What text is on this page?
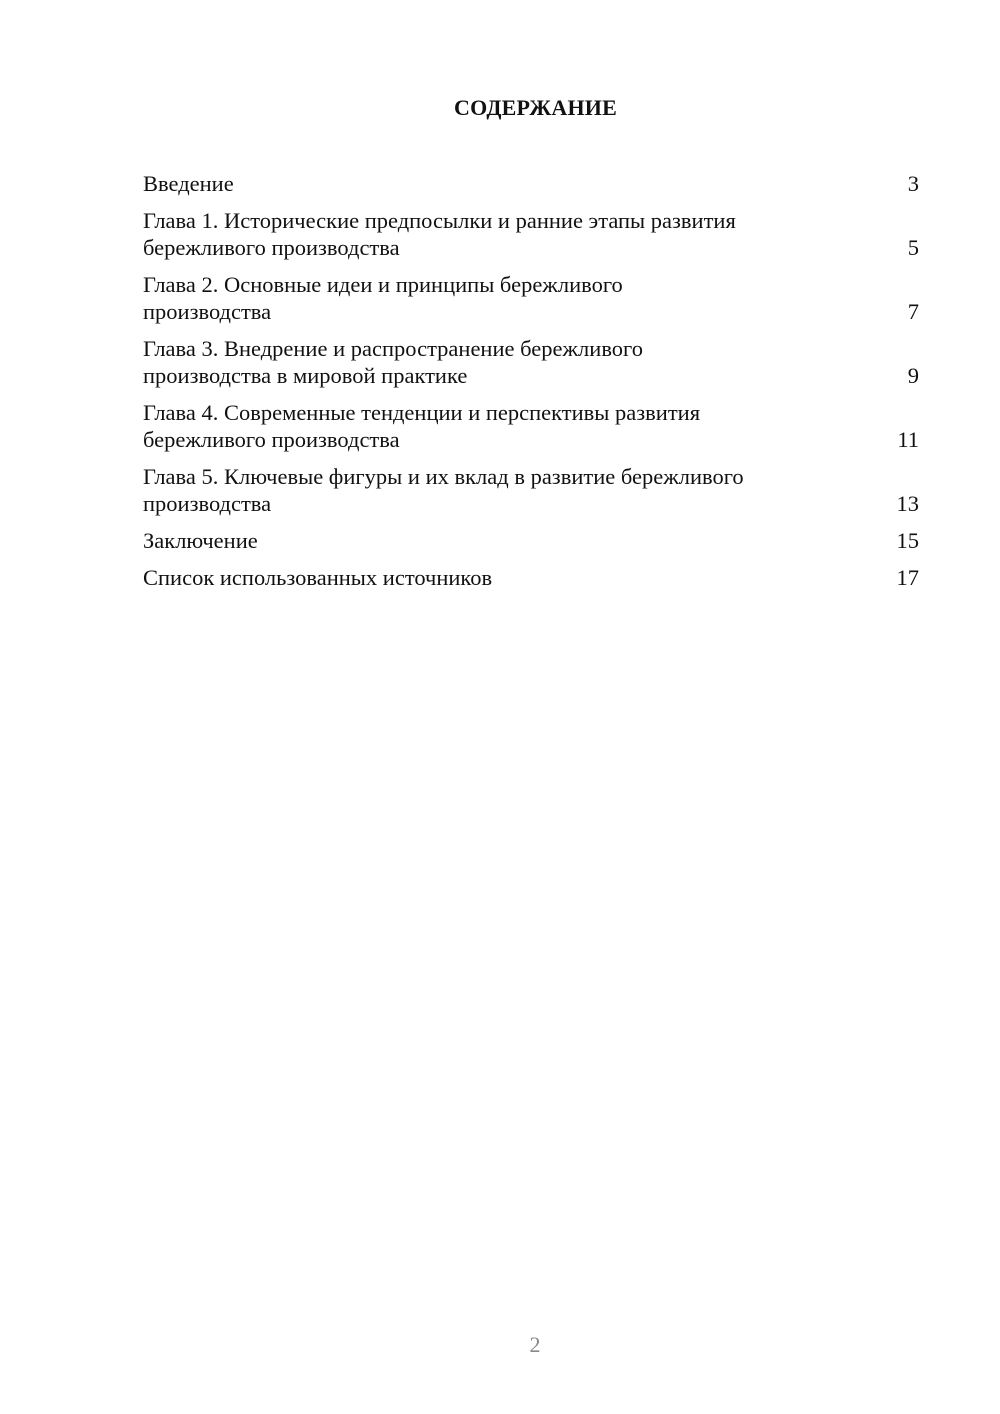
СОДЕРЖАНИЕ
Введение	3
Глава 1. Исторические предпосылки и ранние этапы развития
бережливого производства	5
Глава 2. Основные идеи и принципы бережливого
производства	7
Глава 3. Внедрение и распространение бережливого
производства в мировой практике	9
Глава 4. Современные тенденции и перспективы развития
бережливого производства	11
Глава 5. Ключевые фигуры и их вклад в развитие бережливого
производства	13
Заключение	15
Список использованных источников	17
2
